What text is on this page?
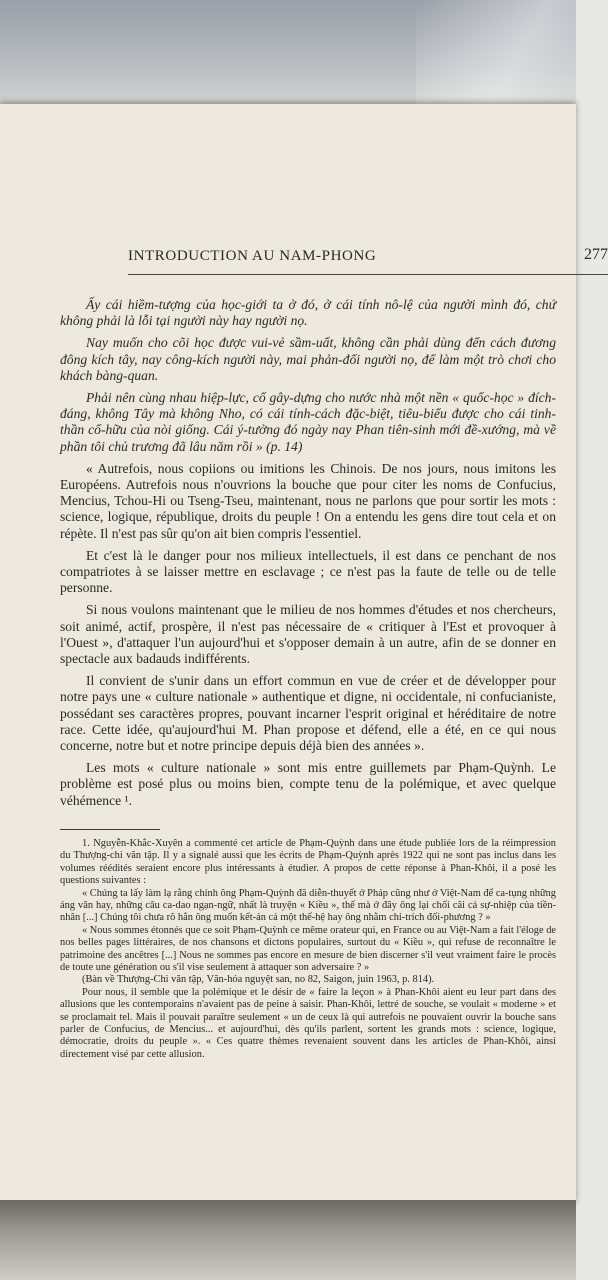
INTRODUCTION AU NAM-PHONG	277

Ấy cái hiềm-tượng của học-giới ta ở đó, ở cái tính nô-lệ của người mình đó, chứ không phải là lỗi tại người này hay người nọ.

Nay muốn cho cõi học được vui-vẻ sầm-uất, không cần phải dùng đến cách đương đông kích tây, nay công-kích người này, mai phản-đối người nọ, để làm một trò chơi cho khách bàng-quan.

Phải nên cùng nhau hiệp-lực, cố gây-dựng cho nước nhà một nền « quốc-học » đích-đáng, không Tây mà không Nho, có cái tính-cách đặc-biệt, tiêu-biểu được cho cái tinh-thần cố-hữu của nòi giống. Cái ý-tưởng đó ngày nay Phan tiên-sinh mới đề-xướng, mà về phần tôi chủ trương đã lâu năm rồi » (p. 14)

« Autrefois, nous copiions ou imitions les Chinois. De nos jours, nous imitons les Européens. Autrefois nous n'ouvrions la bouche que pour citer les noms de Confucius, Mencius, Tchou-Hi ou Tseng-Tseu, maintenant, nous ne parlons que pour sortir les mots : science, logique, république, droits du peuple ! On a entendu les gens dire tout cela et on répète. Il n'est pas sûr qu'on ait bien compris l'essentiel.

Et c'est là le danger pour nos milieux intellectuels, il est dans ce penchant de nos compatriotes à se laisser mettre en esclavage ; ce n'est pas la faute de telle ou de telle personne.

Si nous voulons maintenant que le milieu de nos hommes d'études et nos chercheurs, soit animé, actif, prospère, il n'est pas nécessaire de « critiquer à l'Est et provoquer à l'Ouest », d'attaquer l'un aujourd'hui et s'opposer demain à un autre, afin de se donner en spectacle aux badauds indifférents.

Il convient de s'unir dans un effort commun en vue de créer et de développer pour notre pays une « culture nationale » authentique et digne, ni occidentale, ni confucianiste, possédant ses caractères propres, pouvant incarner l'esprit original et héréditaire de notre race. Cette idée, qu'aujourd'hui M. Phan propose et défend, elle a été, en ce qui nous concerne, notre but et notre principe depuis déjà bien des années ».

Les mots « culture nationale » sont mis entre guillemets par Phạm-Quỳnh. Le problème est posé plus ou moins bien, compte tenu de la polémique, et avec quelque véhémence ¹.

1. Nguyễn-Khắc-Xuyên a commenté cet article de Phạm-Quỳnh dans une étude publiée lors de la réimpression du Thượng-chi văn tập. Il y a signalé aussi que les écrits de Phạm-Quỳnh après 1922 qui ne sont pas inclus dans les volumes réédités seraient encore plus intéressants à étudier. A propos de cette réponse à Phan-Khôi, il a posé les questions suivantes :

« Chúng ta lấy làm lạ rằng chính ông Phạm-Quỳnh đã diễn-thuyết ở Pháp cũng như ở Việt-Nam để ca-tụng những áng văn hay, những câu ca-dao ngạn-ngữ, nhất là truyện « Kiều », thế mà ở đây ông lại chối cãi cả sự-nhiệp của tiền-nhân [...] Chúng tôi chưa rõ hẳn ông muốn kết-án cả một thế-hệ hay ông nhằm chỉ-trích đối-phương ? »

« Nous sommes étonnés que ce soit Phạm-Quỳnh ce même orateur qui, en France ou au Việt-Nam a fait l'éloge de nos belles pages littéraires, de nos chansons et dictons populaires, surtout du « Kiều », qui refuse de reconnaître le patrimoine des ancêtres [...] Nous ne sommes pas encore en mesure de bien discerner s'il veut vraiment faire le procès de toute une génération ou s'il vise seulement à attaquer son adversaire ? »

(Bàn về Thượng-Chi văn tập, Văn-hóa nguyệt san, no 82, Saigon, juin 1963, p. 814).

Pour nous, il semble que la polémique et le désir de « faire la leçon » à Phan-Khôi aient eu leur part dans des allusions que les contemporains n'avaient pas de peine à saisir. Phan-Khôi, lettré de souche, se voulait « moderne » et se proclamait tel. Mais il pouvait paraître seulement « un de ceux là qui autrefois ne pouvaient ouvrir la bouche sans parler de Confucius, de Mencius... et aujourd'hui, dès qu'ils parlent, sortent les grands mots : science, logique, démocratie, droits du peuple ». « Ces quatre thèmes revenaient souvent dans les articles de Phan-Khôi, ainsi directement visé par cette allusion.
